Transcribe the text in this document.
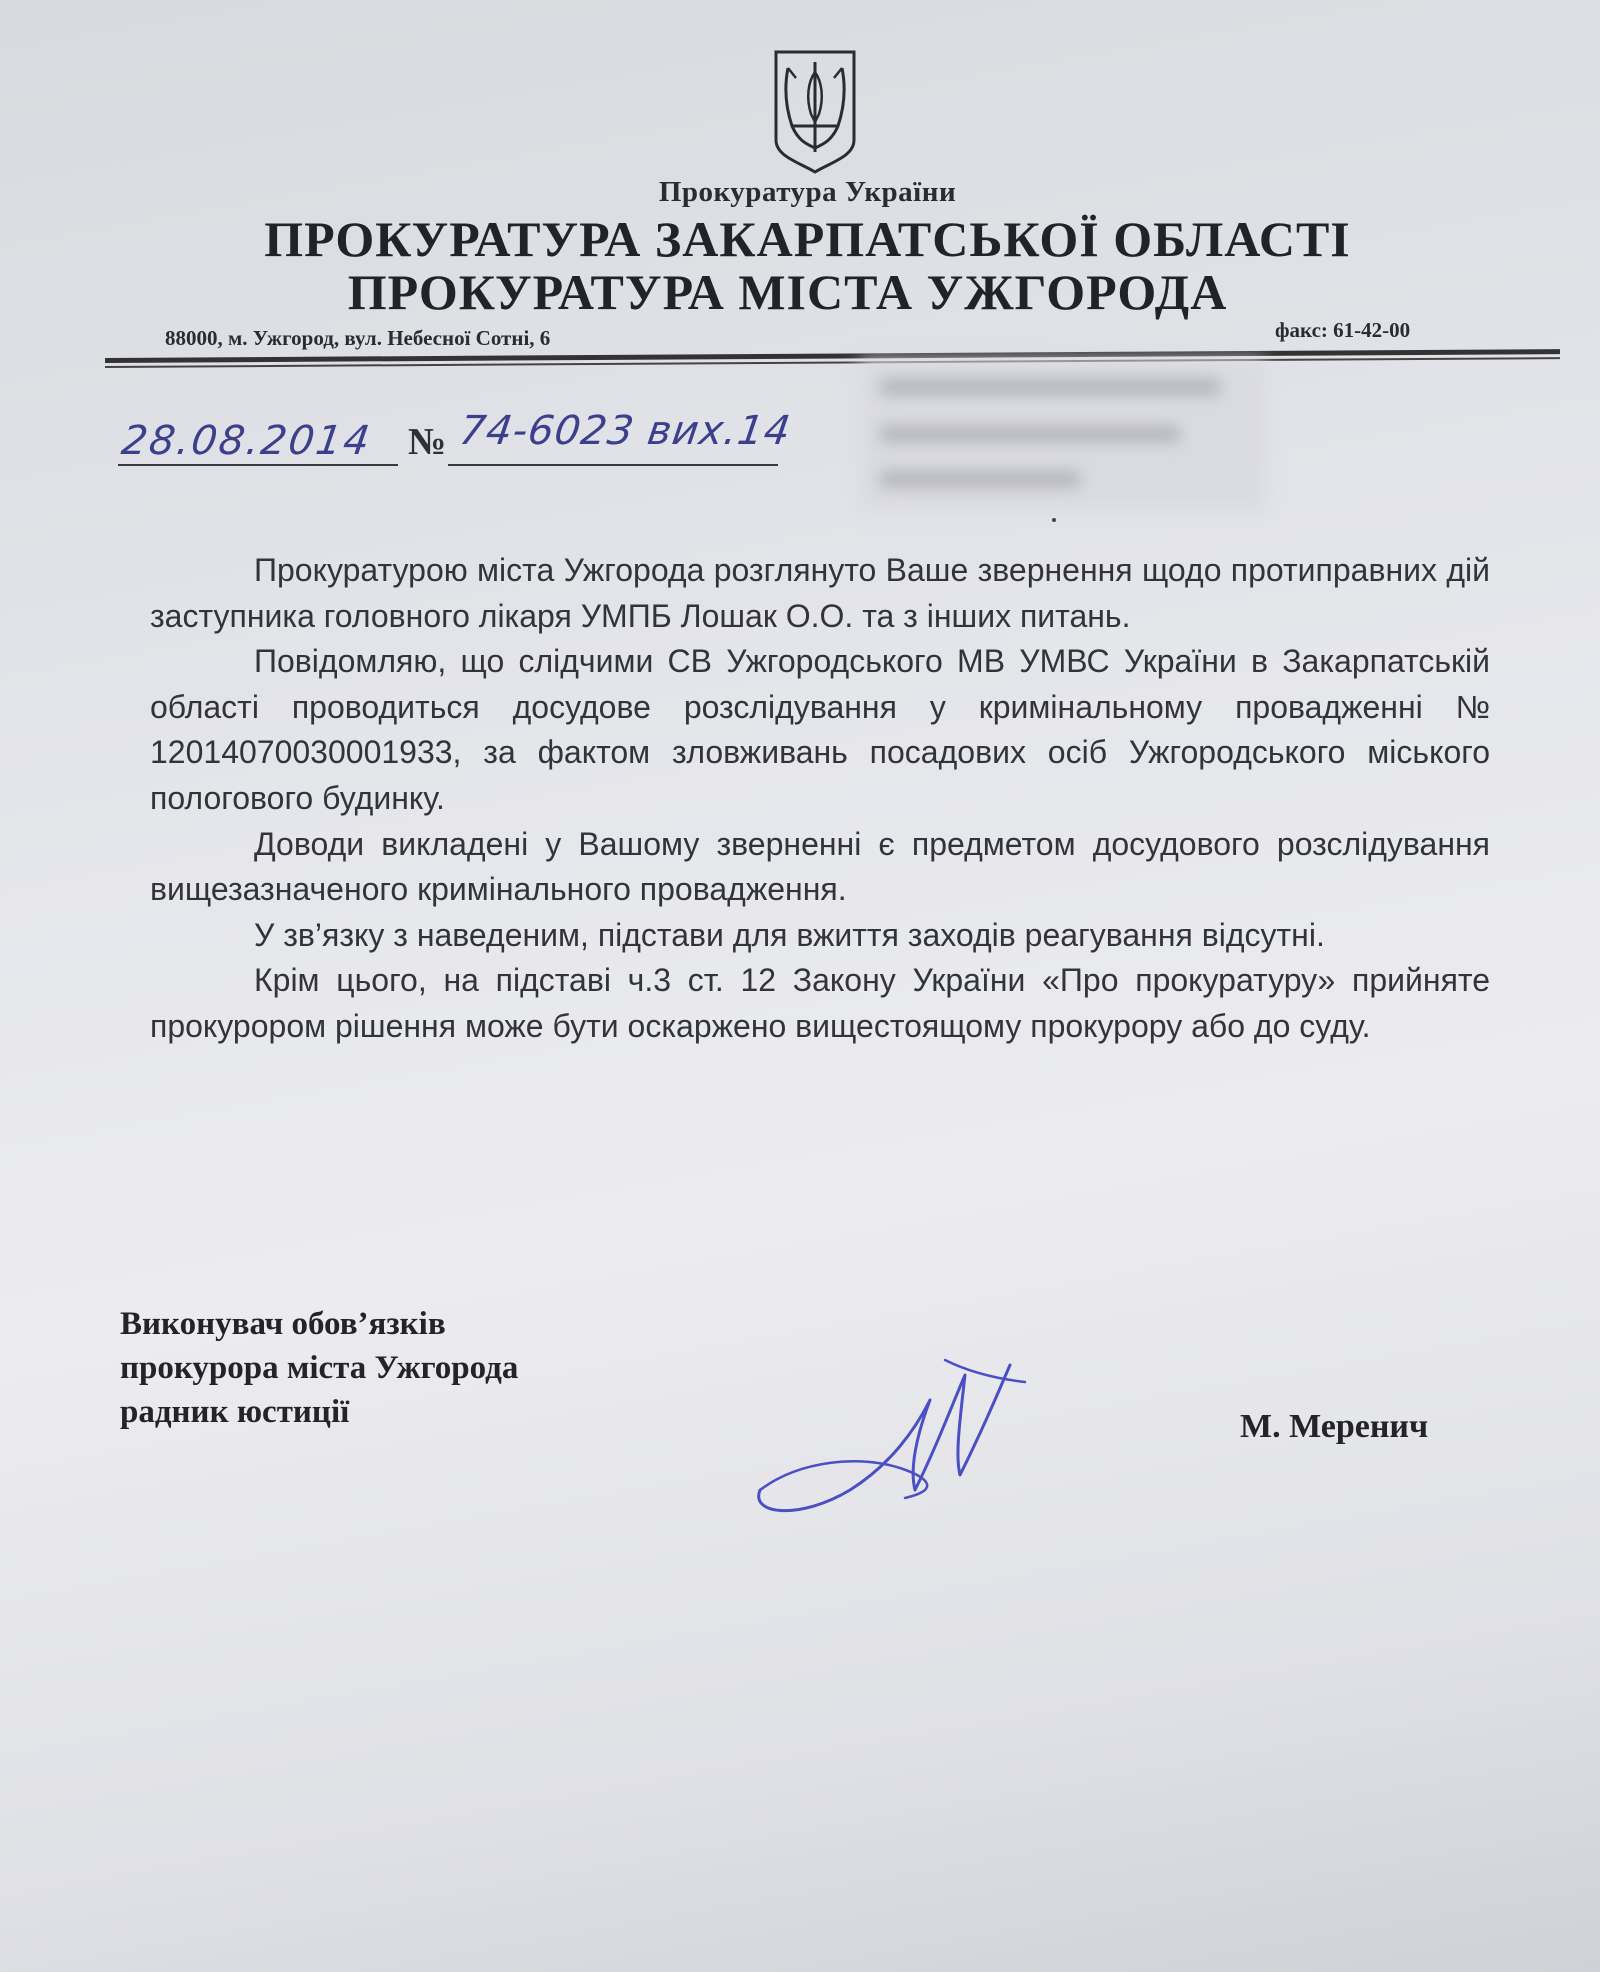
Прокуратура України
ПРОКУРАТУРА ЗАКАРПАТСЬКОЇ ОБЛАСТІ
ПРОКУРАТУРА МІСТА УЖГОРОДА
88000, м. Ужгород, вул. Небесної Сотні, 6	факс: 61-42-00
28.08.2014 № 74-6023 вих.14

Прокуратурою міста Ужгорода розглянуто Ваше звернення щодо протиправних дій заступника головного лікаря УМПБ Лошак О.О. та з інших питань.

Повідомляю, що слідчими СВ Ужгородського МВ УМВС України в Закарпатській області проводиться досудове розслідування у кримінальному провадженні № 12014070030001933, за фактом зловживань посадових осіб Ужгородського міського пологового будинку.

Доводи викладені у Вашому зверненні є предметом досудового розслідування вищезазначеного кримінального провадження.

У зв’язку з наведеним, підстави для вжиття заходів реагування відсутні.

Крім цього, на підставі ч.3 ст. 12 Закону України «Про прокуратуру» прийняте прокурором рішення може бути оскаржено вищестоящому прокурору або до суду.

Виконувач обов’язків
прокурора міста Ужгорода
радник юстиції	М. Меренич
